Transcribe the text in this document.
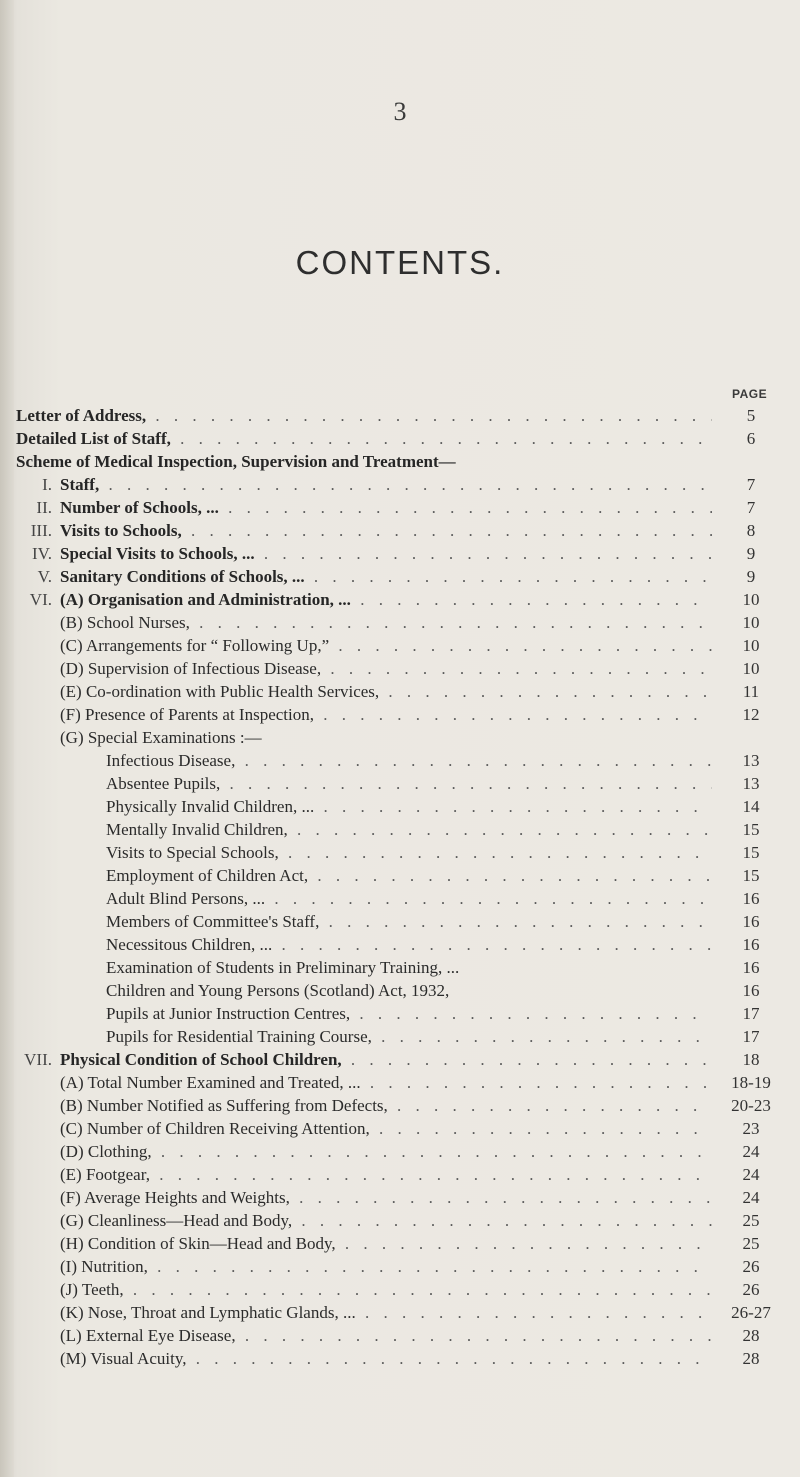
3
CONTENTS.
PAGE
Letter of Address, . . .	5
Detailed List of Staff, . . .	6
Scheme of Medical Inspection, Supervision and Treatment—
I. Staff, . . .	7
II. Number of Schools, ... . . .	7
III. Visits to Schools, . . .	8
IV. Special Visits to Schools, ... . . .	9
V. Sanitary Conditions of Schools, ... . . .	9
VI. (A) Organisation and Administration, ... . . .	10
(B) School Nurses, . . .	10
(C) Arrangements for “ Following Up,” . . .	10
(D) Supervision of Infectious Disease, . . .	10
(E) Co-ordination with Public Health Services, . . .	11
(F) Presence of Parents at Inspection, . . .	12
(G) Special Examinations :—
Infectious Disease, . . .	13
Absentee Pupils, . . .	13
Physically Invalid Children, ... . . .	14
Mentally Invalid Children, . . .	15
Visits to Special Schools, . . .	15
Employment of Children Act, . . .	15
Adult Blind Persons, ... . . .	16
Members of Committee's Staff, . . .	16
Necessitous Children, ... . . .	16
Examination of Students in Preliminary Training, ...	16
Children and Young Persons (Scotland) Act, 1932,	16
Pupils at Junior Instruction Centres, . . .	17
Pupils for Residential Training Course, . . .	17
VII. Physical Condition of School Children, . . .	18
(A) Total Number Examined and Treated, ... . . .	18-19
(B) Number Notified as Suffering from Defects, . . .	20-23
(C) Number of Children Receiving Attention, . . .	23
(D) Clothing, . . .	24
(E) Footgear, . . .	24
(F) Average Heights and Weights, . . .	24
(G) Cleanliness—Head and Body, . . .	25
(H) Condition of Skin—Head and Body, . . .	25
(I) Nutrition, . . .	26
(J) Teeth, . . .	26
(K) Nose, Throat and Lymphatic Glands, ... . . .	26-27
(L) External Eye Disease, . . .	28
(M) Visual Acuity, . . .	28
